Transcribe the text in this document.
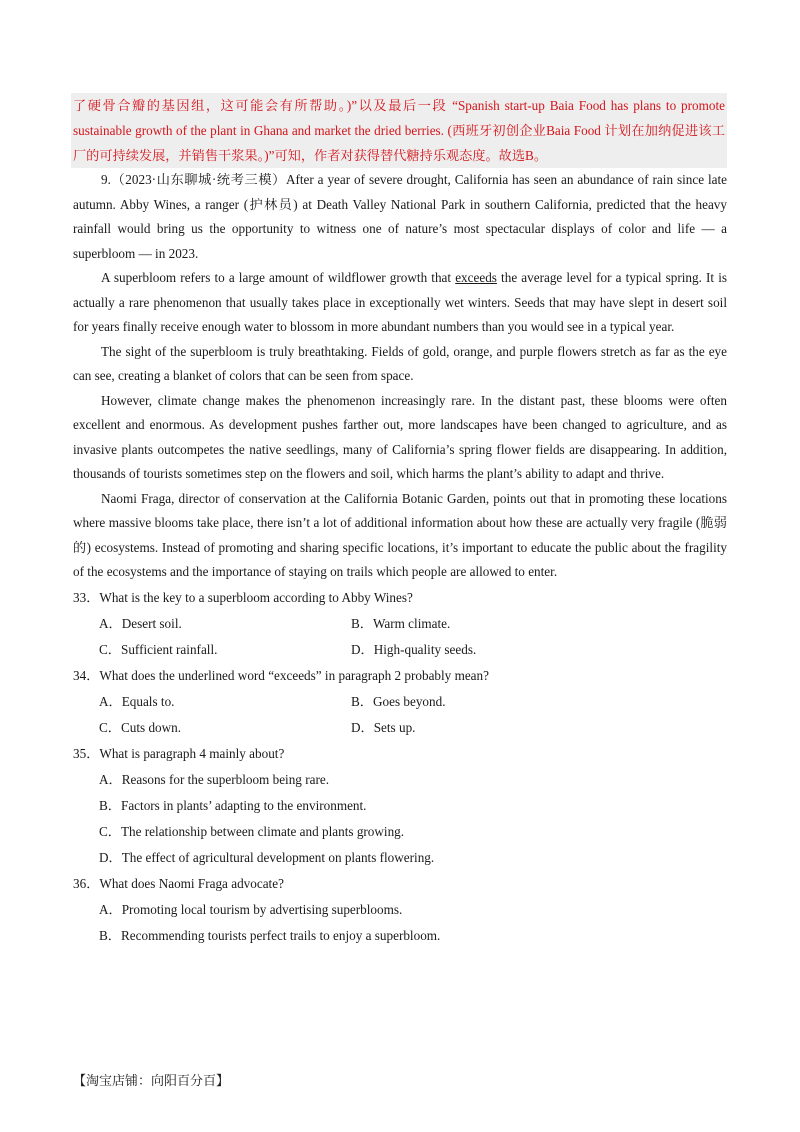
了硬骨合瓣的基因组，这可能会有所帮助。)”以及最后一段 “Spanish start-up Baia Food has plans to promote sustainable growth of the plant in Ghana and market the dried berries. (西班牙初创企业Baia Food 计划在加纳促进该工厂的可持续发展，并销售干浆果。)”可知，作者对获得替代糖持乐观态度。故选B。

9.（2023·山东聊城·统考三模）After a year of severe drought, California has seen an abundance of rain since late autumn. Abby Wines, a ranger (护林员) at Death Valley National Park in southern California, predicted that the heavy rainfall would bring us the opportunity to witness one of nature’s most spectacular displays of color and life — a superbloom — in 2023.

A superbloom refers to a large amount of wildflower growth that exceeds the average level for a typical spring. It is actually a rare phenomenon that usually takes place in exceptionally wet winters. Seeds that may have slept in desert soil for years finally receive enough water to blossom in more abundant numbers than you would see in a typical year.

The sight of the superbloom is truly breathtaking. Fields of gold, orange, and purple flowers stretch as far as the eye can see, creating a blanket of colors that can be seen from space.

However, climate change makes the phenomenon increasingly rare. In the distant past, these blooms were often excellent and enormous. As development pushes farther out, more landscapes have been changed to agriculture, and as invasive plants outcompetes the native seedlings, many of California’s spring flower fields are disappearing. In addition, thousands of tourists sometimes step on the flowers and soil, which harms the plant’s ability to adapt and thrive.

Naomi Fraga, director of conservation at the California Botanic Garden, points out that in promoting these locations where massive blooms take place, there isn’t a lot of additional information about how these are actually very fragile (脆弱的) ecosystems. Instead of promoting and sharing specific locations, it’s important to educate the public about the fragility of the ecosystems and the importance of staying on trails which people are allowed to enter.

33．What is the key to a superbloom according to Abby Wines?

A．Desert soil.	B．Warm climate.
C．Sufficient rainfall.	D．High-quality seeds.

34．What does the underlined word “exceeds” in paragraph 2 probably mean?

A．Equals to.	B．Goes beyond.
C．Cuts down.	D．Sets up.

35．What is paragraph 4 mainly about?

A．Reasons for the superbloom being rare.
B．Factors in plants’ adapting to the environment.
C．The relationship between climate and plants growing.
D．The effect of agricultural development on plants flowering.

36．What does Naomi Fraga advocate?

A．Promoting local tourism by advertising superblooms.
B．Recommending tourists perfect trails to enjoy a superbloom.
【淘宝店铺：向阳百分百】
